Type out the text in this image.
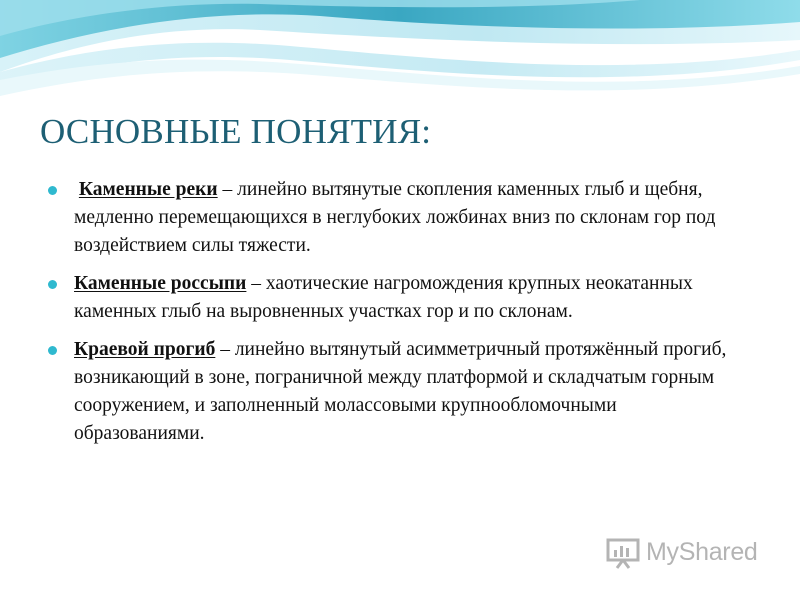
ОСНОВНЫЕ ПОНЯТИЯ:
Каменные реки – линейно вытянутые скопления каменных глыб и щебня, медленно перемещающихся в неглубоких ложбинах вниз по склонам гор под воздействием силы тяжести.
Каменные россыпи – хаотические нагромождения крупных неокатанных каменных глыб на выровненных участках гор и по склонам.
Краевой прогиб – линейно вытянутый асимметричный протяжённый прогиб, возникающий в зоне, пограничной между платформой и складчатым горным сооружением, и заполненный молассовыми крупнообломочными образованиями.
MyShared
